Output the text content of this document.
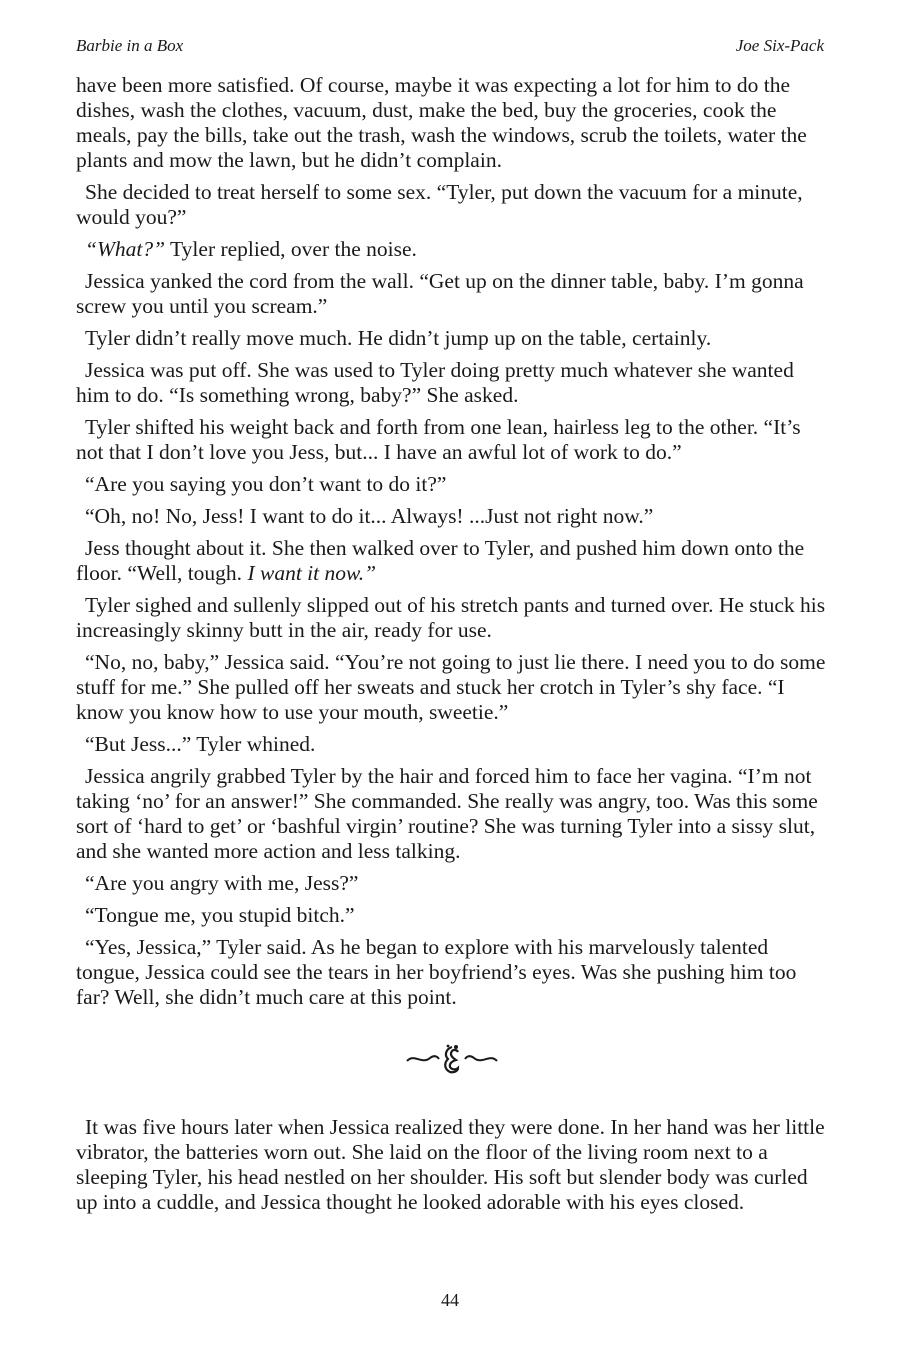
Barbie in a Box	Joe Six-Pack

have been more satisfied. Of course, maybe it was expecting a lot for him to do the dishes, wash the clothes, vacuum, dust, make the bed, buy the groceries, cook the meals, pay the bills, take out the trash, wash the windows, scrub the toilets, water the plants and mow the lawn, but he didn’t complain.

She decided to treat herself to some sex. “Tyler, put down the vacuum for a minute, would you?”

“What?” Tyler replied, over the noise.

Jessica yanked the cord from the wall. “Get up on the dinner table, baby. I’m gonna screw you until you scream.”

Tyler didn’t really move much. He didn’t jump up on the table, certainly.

Jessica was put off. She was used to Tyler doing pretty much whatever she wanted him to do. “Is something wrong, baby?” She asked.

Tyler shifted his weight back and forth from one lean, hairless leg to the other. “It’s not that I don’t love you Jess, but... I have an awful lot of work to do.”

“Are you saying you don’t want to do it?”

“Oh, no! No, Jess! I want to do it... Always! ...Just not right now.”

Jess thought about it. She then walked over to Tyler, and pushed him down onto the floor. “Well, tough. I want it now.”

Tyler sighed and sullenly slipped out of his stretch pants and turned over. He stuck his increasingly skinny butt in the air, ready for use.

“No, no, baby,” Jessica said. “You’re not going to just lie there. I need you to do some stuff for me.” She pulled off her sweats and stuck her crotch in Tyler’s shy face. “I know you know how to use your mouth, sweetie.”

“But Jess...” Tyler whined.

Jessica angrily grabbed Tyler by the hair and forced him to face her vagina. “I’m not taking ‘no’ for an answer!” She commanded. She really was angry, too. Was this some sort of ‘hard to get’ or ‘bashful virgin’ routine? She was turning Tyler into a sissy slut, and she wanted more action and less talking.

“Are you angry with me, Jess?”

“Tongue me, you stupid bitch.”

“Yes, Jessica,” Tyler said. As he began to explore with his marvelously talented tongue, Jessica could see the tears in her boyfriend’s eyes. Was she pushing him too far? Well, she didn’t much care at this point.

It was five hours later when Jessica realized they were done. In her hand was her little vibrator, the batteries worn out. She laid on the floor of the living room next to a sleeping Tyler, his head nestled on her shoulder. His soft but slender body was curled up into a cuddle, and Jessica thought he looked adorable with his eyes closed.

44
